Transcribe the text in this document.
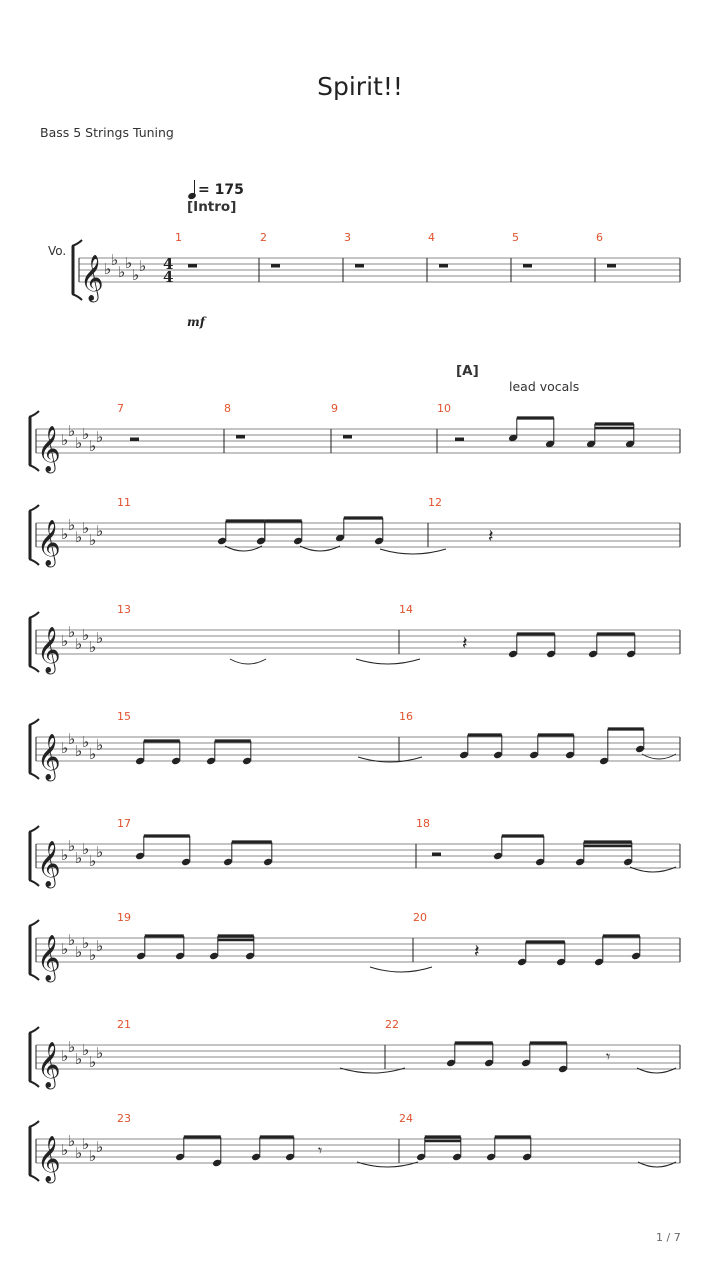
Spirit!!
Bass 5 Strings Tuning
= 175
[Intro]
Vo.
mf
[A]
lead vocals
1 / 7
𝄞 ♭ ♭
♭ ♭
♭ ♭ 4
4
𝄞 ♭ ♭
♭ ♭
♭ ♭
𝄞 ♭ ♭
♭ ♭
♭ ♭
𝄞 ♭ ♭
♭ ♭
♭ ♭
𝄞 ♭ ♭
♭ ♭
♭ ♭
𝄞 ♭ ♭
♭ ♭
♭ ♭
𝄞 ♭ ♭
♭ ♭
♭ ♭
𝄞 ♭ ♭
♭ ♭
♭ ♭
𝄞 ♭ ♭
♭ ♭
♭ ♭
𝄽
𝄽
𝄽
𝄾
𝄾
1	2	3	4	5	6
7	8	9	10
11	12
13	14
15	16
17	18
19	20
21	22
23	24
